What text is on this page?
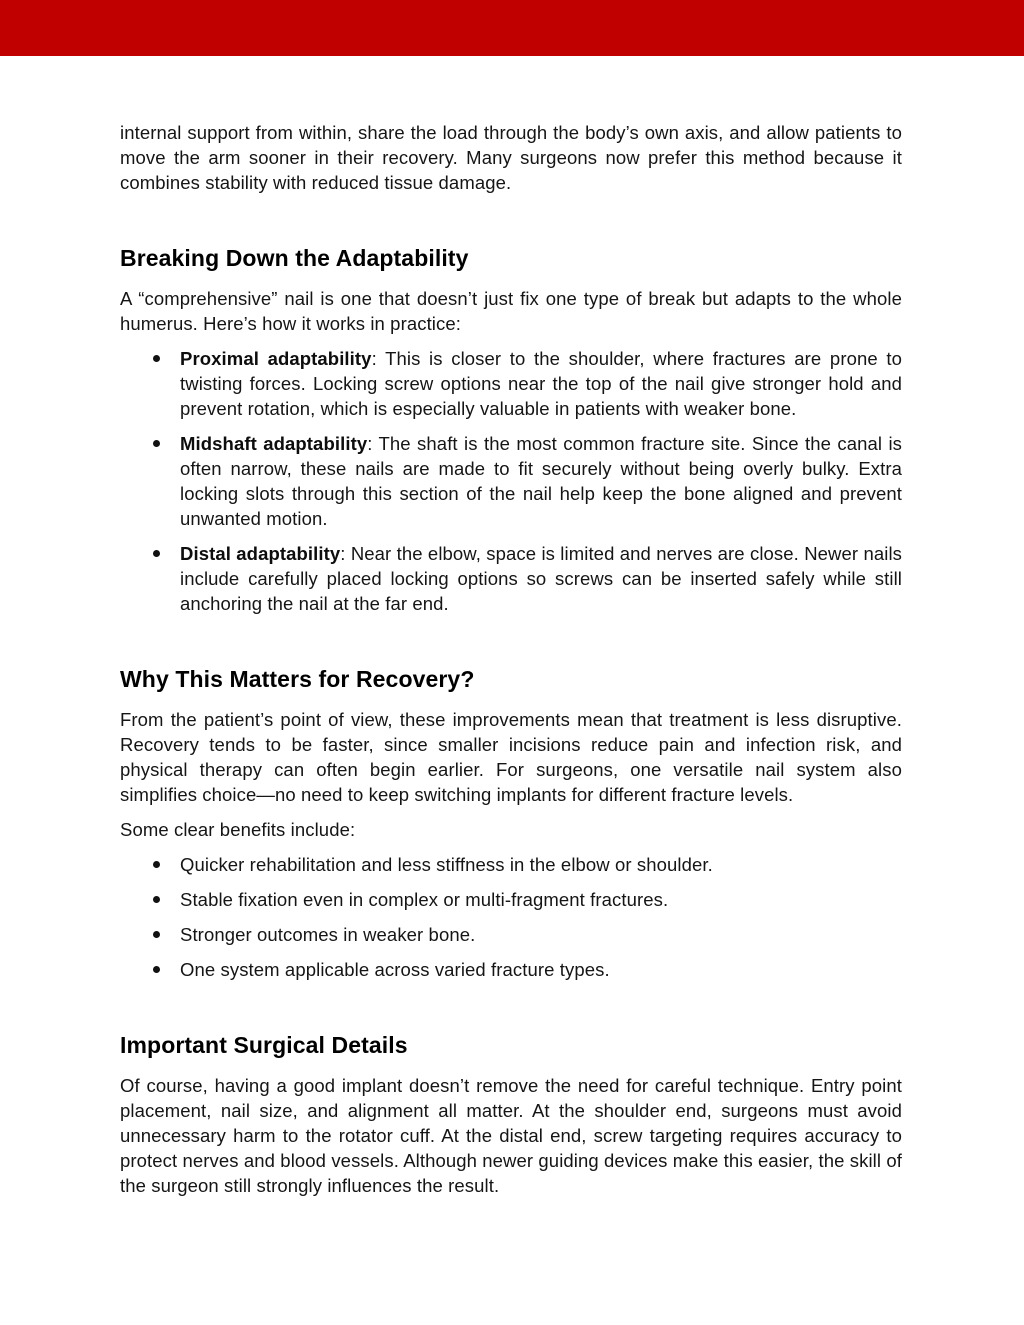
internal support from within, share the load through the body’s own axis, and allow patients to move the arm sooner in their recovery. Many surgeons now prefer this method because it combines stability with reduced tissue damage.

Breaking Down the Adaptability

A “comprehensive” nail is one that doesn’t just fix one type of break but adapts to the whole humerus. Here’s how it works in practice:

Proximal adaptability: This is closer to the shoulder, where fractures are prone to twisting forces. Locking screw options near the top of the nail give stronger hold and prevent rotation, which is especially valuable in patients with weaker bone.
Midshaft adaptability: The shaft is the most common fracture site. Since the canal is often narrow, these nails are made to fit securely without being overly bulky. Extra locking slots through this section of the nail help keep the bone aligned and prevent unwanted motion.
Distal adaptability: Near the elbow, space is limited and nerves are close. Newer nails include carefully placed locking options so screws can be inserted safely while still anchoring the nail at the far end.
Why This Matters for Recovery?

From the patient’s point of view, these improvements mean that treatment is less disruptive. Recovery tends to be faster, since smaller incisions reduce pain and infection risk, and physical therapy can often begin earlier. For surgeons, one versatile nail system also simplifies choice—no need to keep switching implants for different fracture levels.

Some clear benefits include:

Quicker rehabilitation and less stiffness in the elbow or shoulder.
Stable fixation even in complex or multi-fragment fractures.
Stronger outcomes in weaker bone.
One system applicable across varied fracture types.
Important Surgical Details

Of course, having a good implant doesn’t remove the need for careful technique. Entry point placement, nail size, and alignment all matter. At the shoulder end, surgeons must avoid unnecessary harm to the rotator cuff. At the distal end, screw targeting requires accuracy to protect nerves and blood vessels. Although newer guiding devices make this easier, the skill of the surgeon still strongly influences the result.
